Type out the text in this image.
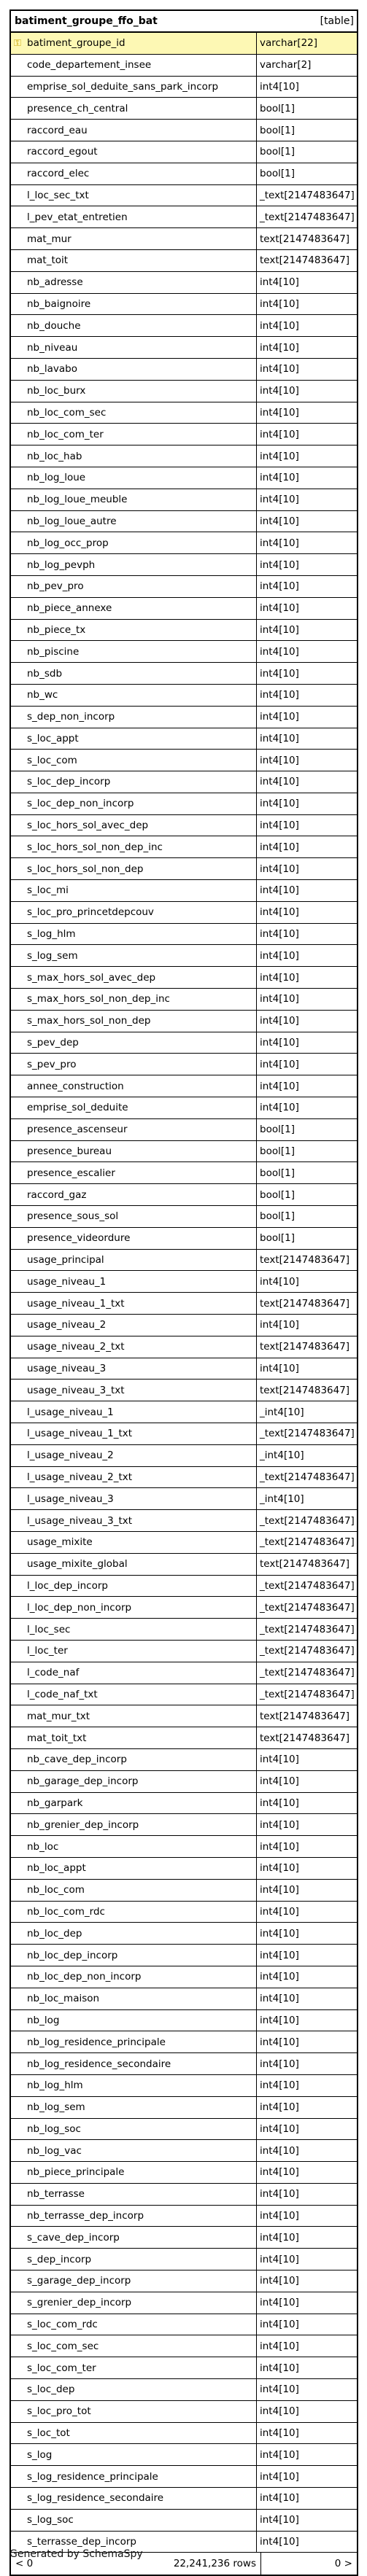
batiment_groupe_ffo_bat	[table]
⚿ batiment_groupe_id	varchar[22]
code_departement_insee	varchar[2]
emprise_sol_deduite_sans_park_incorp	int4[10]
presence_ch_central	bool[1]
raccord_eau	bool[1]
raccord_egout	bool[1]
raccord_elec	bool[1]
l_loc_sec_txt	_text[2147483647]
l_pev_etat_entretien	_text[2147483647]
mat_mur	text[2147483647]
mat_toit	text[2147483647]
nb_adresse	int4[10]
nb_baignoire	int4[10]
nb_douche	int4[10]
nb_niveau	int4[10]
nb_lavabo	int4[10]
nb_loc_burx	int4[10]
nb_loc_com_sec	int4[10]
nb_loc_com_ter	int4[10]
nb_loc_hab	int4[10]
nb_log_loue	int4[10]
nb_log_loue_meuble	int4[10]
nb_log_loue_autre	int4[10]
nb_log_occ_prop	int4[10]
nb_log_pevph	int4[10]
nb_pev_pro	int4[10]
nb_piece_annexe	int4[10]
nb_piece_tx	int4[10]
nb_piscine	int4[10]
nb_sdb	int4[10]
nb_wc	int4[10]
s_dep_non_incorp	int4[10]
s_loc_appt	int4[10]
s_loc_com	int4[10]
s_loc_dep_incorp	int4[10]
s_loc_dep_non_incorp	int4[10]
s_loc_hors_sol_avec_dep	int4[10]
s_loc_hors_sol_non_dep_inc	int4[10]
s_loc_hors_sol_non_dep	int4[10]
s_loc_mi	int4[10]
s_loc_pro_princetdepcouv	int4[10]
s_log_hlm	int4[10]
s_log_sem	int4[10]
s_max_hors_sol_avec_dep	int4[10]
s_max_hors_sol_non_dep_inc	int4[10]
s_max_hors_sol_non_dep	int4[10]
s_pev_dep	int4[10]
s_pev_pro	int4[10]
annee_construction	int4[10]
emprise_sol_deduite	int4[10]
presence_ascenseur	bool[1]
presence_bureau	bool[1]
presence_escalier	bool[1]
raccord_gaz	bool[1]
presence_sous_sol	bool[1]
presence_videordure	bool[1]
usage_principal	text[2147483647]
usage_niveau_1	int4[10]
usage_niveau_1_txt	text[2147483647]
usage_niveau_2	int4[10]
usage_niveau_2_txt	text[2147483647]
usage_niveau_3	int4[10]
usage_niveau_3_txt	text[2147483647]
l_usage_niveau_1	_int4[10]
l_usage_niveau_1_txt	_text[2147483647]
l_usage_niveau_2	_int4[10]
l_usage_niveau_2_txt	_text[2147483647]
l_usage_niveau_3	_int4[10]
l_usage_niveau_3_txt	_text[2147483647]
usage_mixite	_text[2147483647]
usage_mixite_global	text[2147483647]
l_loc_dep_incorp	_text[2147483647]
l_loc_dep_non_incorp	_text[2147483647]
l_loc_sec	_text[2147483647]
l_loc_ter	_text[2147483647]
l_code_naf	_text[2147483647]
l_code_naf_txt	_text[2147483647]
mat_mur_txt	text[2147483647]
mat_toit_txt	text[2147483647]
nb_cave_dep_incorp	int4[10]
nb_garage_dep_incorp	int4[10]
nb_garpark	int4[10]
nb_grenier_dep_incorp	int4[10]
nb_loc	int4[10]
nb_loc_appt	int4[10]
nb_loc_com	int4[10]
nb_loc_com_rdc	int4[10]
nb_loc_dep	int4[10]
nb_loc_dep_incorp	int4[10]
nb_loc_dep_non_incorp	int4[10]
nb_loc_maison	int4[10]
nb_log	int4[10]
nb_log_residence_principale	int4[10]
nb_log_residence_secondaire	int4[10]
nb_log_hlm	int4[10]
nb_log_sem	int4[10]
nb_log_soc	int4[10]
nb_log_vac	int4[10]
nb_piece_principale	int4[10]
nb_terrasse	int4[10]
nb_terrasse_dep_incorp	int4[10]
s_cave_dep_incorp	int4[10]
s_dep_incorp	int4[10]
s_garage_dep_incorp	int4[10]
s_grenier_dep_incorp	int4[10]
s_loc_com_rdc	int4[10]
s_loc_com_sec	int4[10]
s_loc_com_ter	int4[10]
s_loc_dep	int4[10]
s_loc_pro_tot	int4[10]
s_loc_tot	int4[10]
s_log	int4[10]
s_log_residence_principale	int4[10]
s_log_residence_secondaire	int4[10]
s_log_soc	int4[10]
s_terrasse_dep_incorp	int4[10]
< 0	22,241,236 rows	0 >
Generated by SchemaSpy
